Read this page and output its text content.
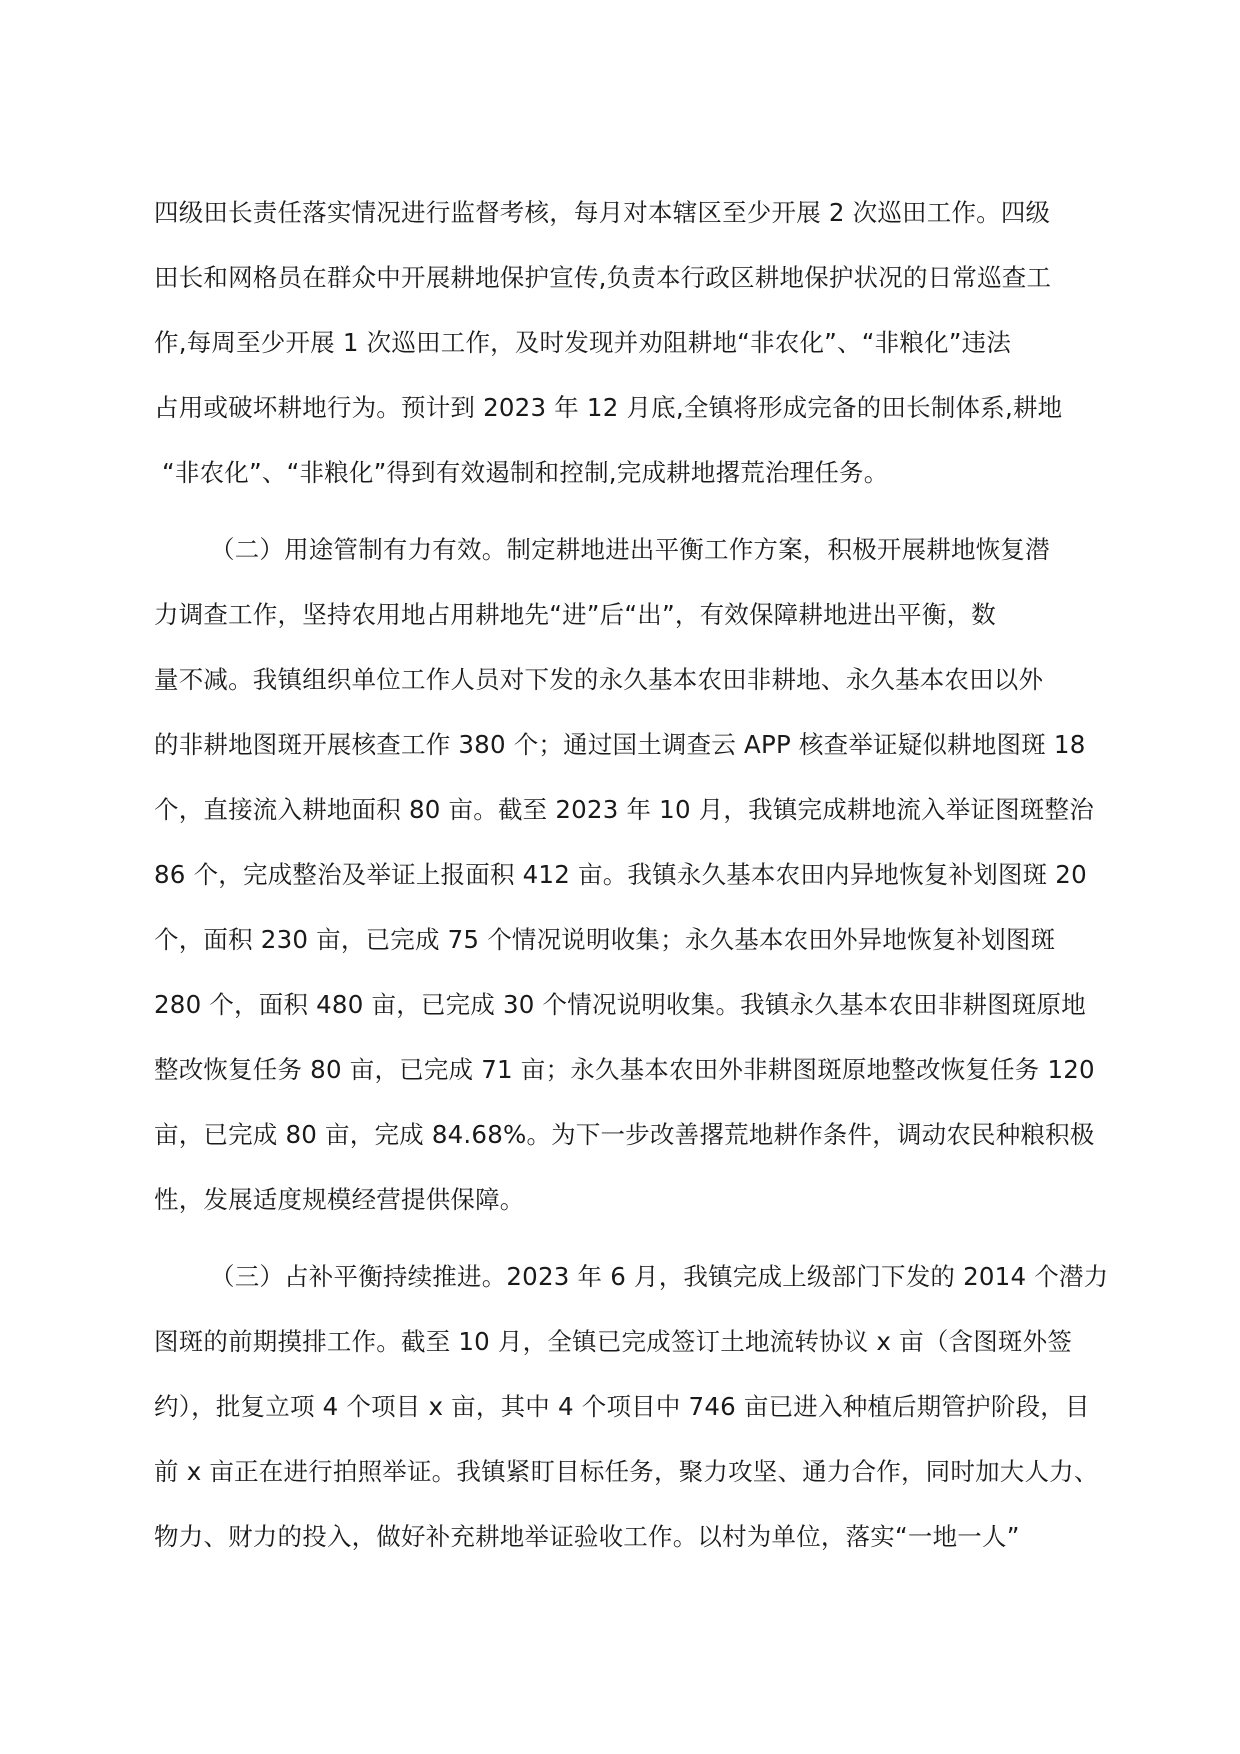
四级田长责任落实情况进行监督考核，每月对本辖区至少开展 2 次巡田工作。四级
田长和网格员在群众中开展耕地保护宣传,负责本行政区耕地保护状况的日常巡查工
作,每周至少开展 1 次巡田工作，及时发现并劝阻耕地“非农化”、“非粮化”违法
占用或破坏耕地行为。预计到 2023 年 12 月底,全镇将形成完备的田长制体系,耕地
“非农化”、“非粮化”得到有效遏制和控制,完成耕地撂荒治理任务。
（二）用途管制有力有效。制定耕地进出平衡工作方案，积极开展耕地恢复潜
力调查工作，坚持农用地占用耕地先“进”后“出”，有效保障耕地进出平衡，数
量不减。我镇组织单位工作人员对下发的永久基本农田非耕地、永久基本农田以外
的非耕地图斑开展核查工作 380 个；通过国土调查云 APP 核查举证疑似耕地图斑 18
个，直接流入耕地面积 80 亩。截至 2023 年 10 月，我镇完成耕地流入举证图斑整治
86 个，完成整治及举证上报面积 412 亩。我镇永久基本农田内异地恢复补划图斑 20
个，面积 230 亩，已完成 75 个情况说明收集；永久基本农田外异地恢复补划图斑
280 个，面积 480 亩，已完成 30 个情况说明收集。我镇永久基本农田非耕图斑原地
整改恢复任务 80 亩，已完成 71 亩；永久基本农田外非耕图斑原地整改恢复任务 120
亩，已完成 80 亩，完成 84.68%。为下一步改善撂荒地耕作条件，调动农民种粮积极
性，发展适度规模经营提供保障。
（三）占补平衡持续推进。2023 年 6 月，我镇完成上级部门下发的 2014 个潜力
图斑的前期摸排工作。截至 10 月，全镇已完成签订土地流转协议 x 亩（含图斑外签
约），批复立项 4 个项目 x 亩，其中 4 个项目中 746 亩已进入种植后期管护阶段，目
前 x 亩正在进行拍照举证。我镇紧盯目标任务，聚力攻坚、通力合作，同时加大人力、
物力、财力的投入，做好补充耕地举证验收工作。以村为单位，落实“一地一人”
